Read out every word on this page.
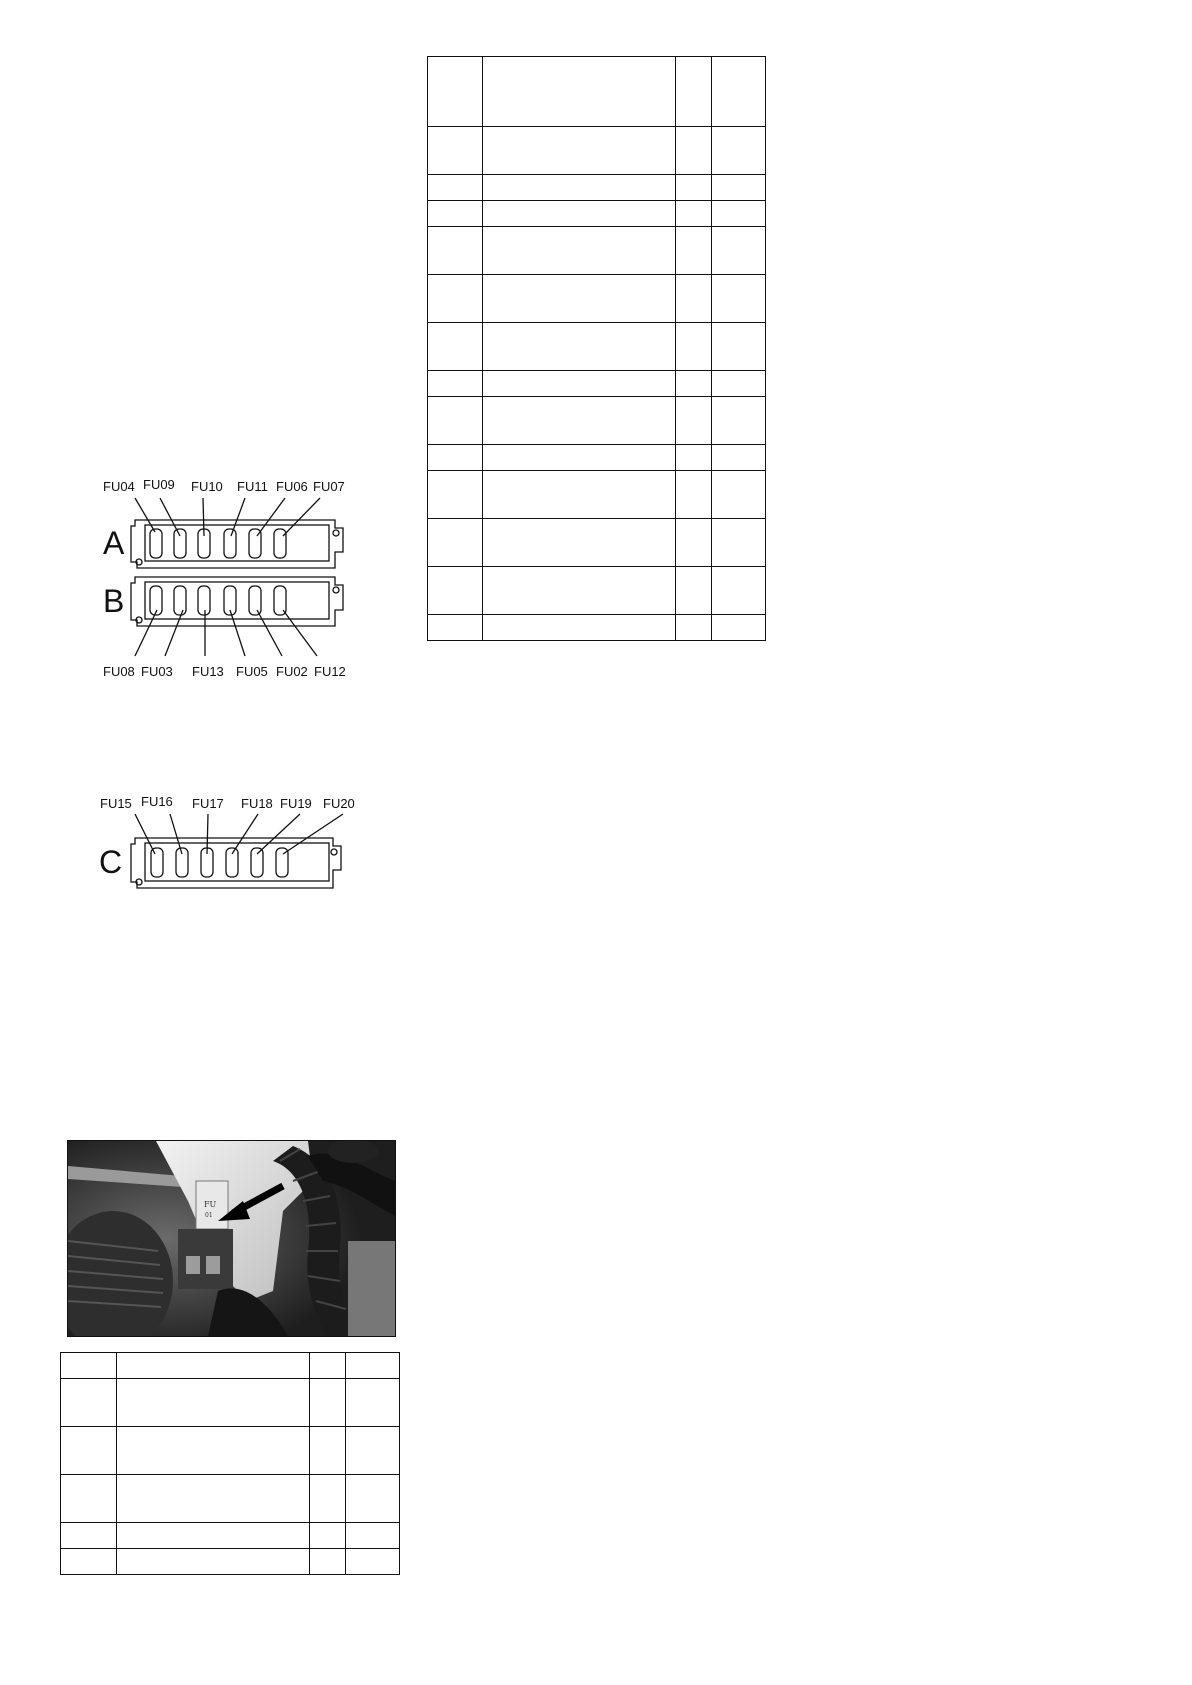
FU04 FU09 FU10 FU11 FU06 FU07
A
B
FU08 FU03 FU13 FU05 FU02 FU12
FU15 FU16 FU17 FU18 FU19 FU20
C
FU
01
